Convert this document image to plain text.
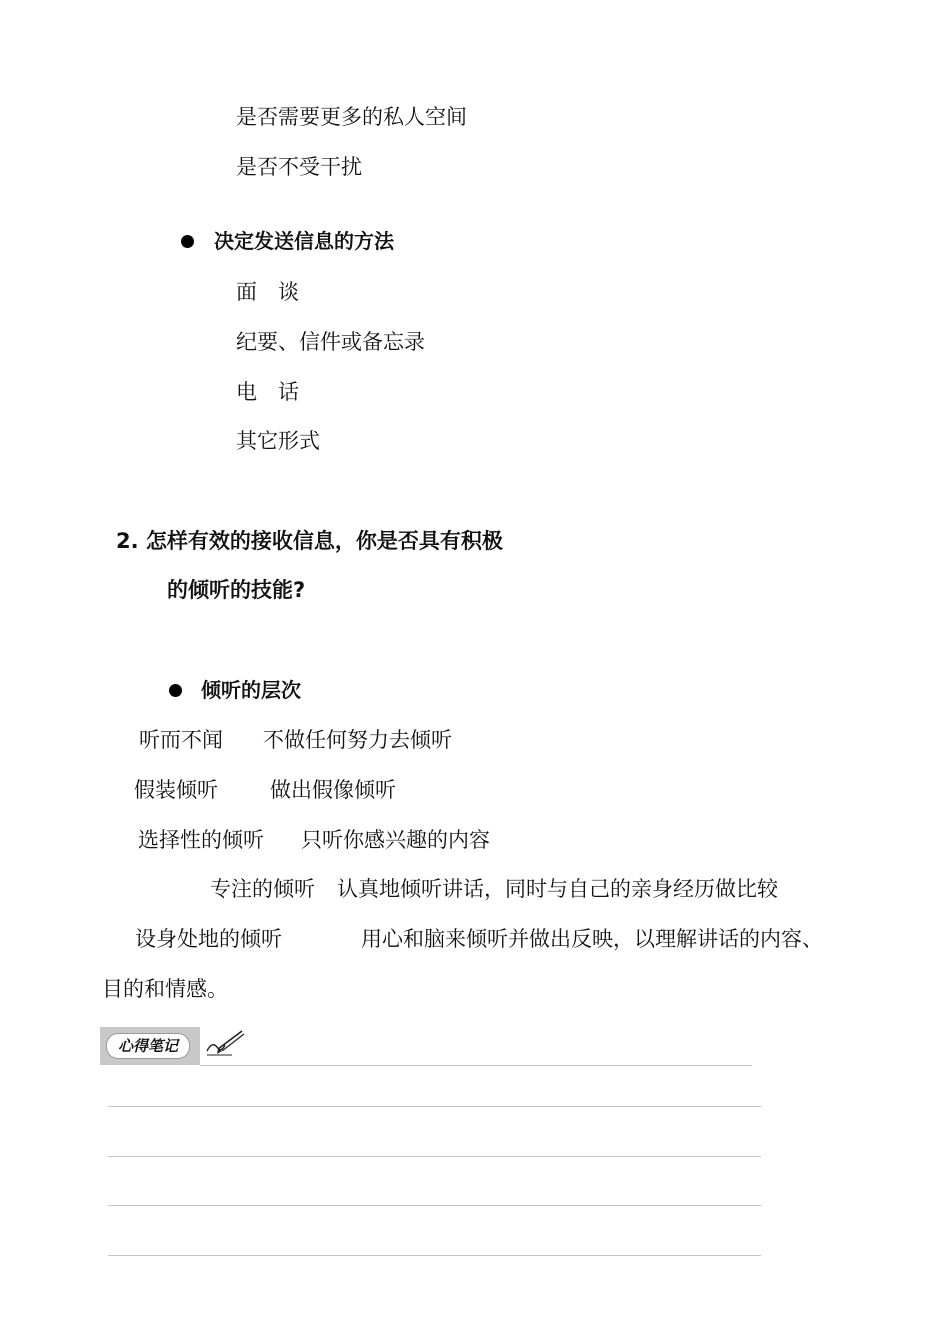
是否需要更多的私人空间
是否不受干扰
决定发送信息的方法
面　谈
纪要、信件或备忘录
电　话
其它形式
2. 怎样有效的接收信息，你是否具有积极
的倾听的技能?
倾听的层次
听而不闻 不做任何努力去倾听
假装倾听 做出假像倾听
选择性的倾听 只听你感兴趣的内容
专注的倾听 认真地倾听讲话，同时与自己的亲身经历做比较
设身处地的倾听	用心和脑来倾听并做出反映，以理解讲话的内容、
目的和情感。
心得笔记
